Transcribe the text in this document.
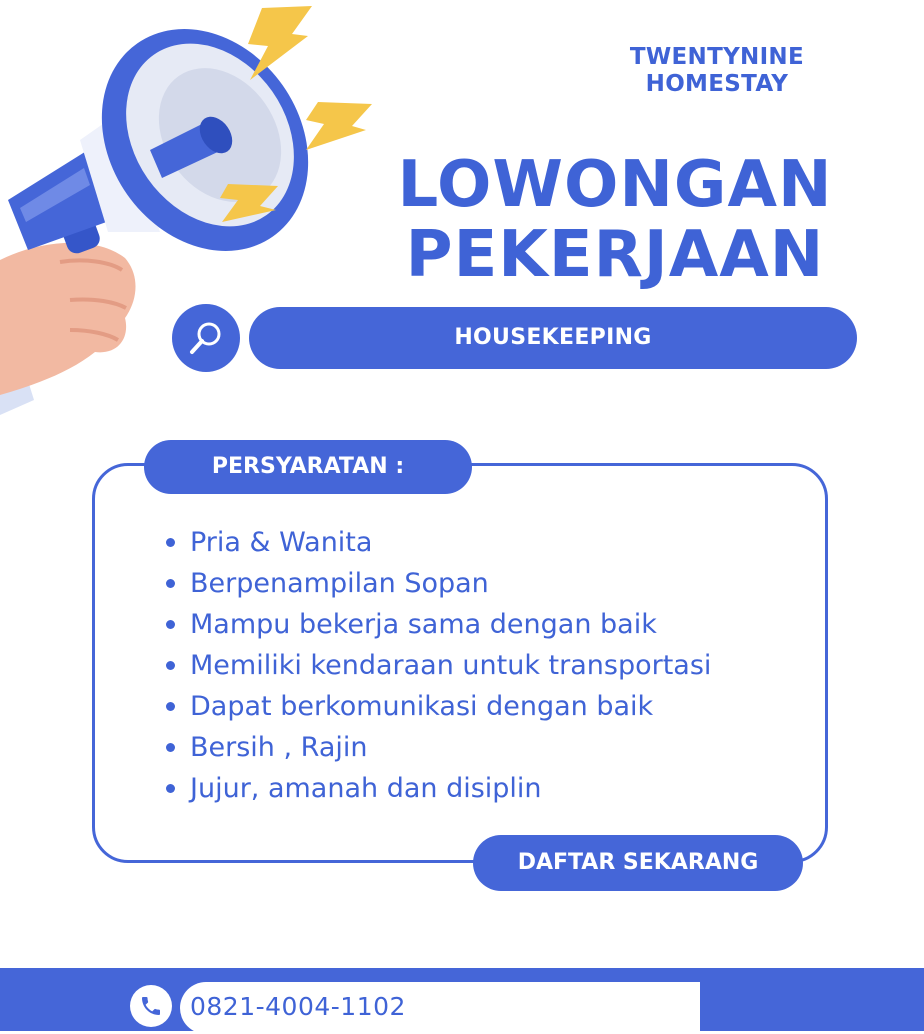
TWENTYNINE
HOMESTAY
LOWONGAN
PEKERJAAN
HOUSEKEEPING
PERSYARATAN :
Pria & Wanita
Berpenampilan Sopan
Mampu bekerja sama dengan baik
Memiliki kendaraan untuk transportasi
Dapat berkomunikasi dengan baik
Bersih , Rajin
Jujur, amanah dan disiplin
DAFTAR SEKARANG
0821-4004-1102
